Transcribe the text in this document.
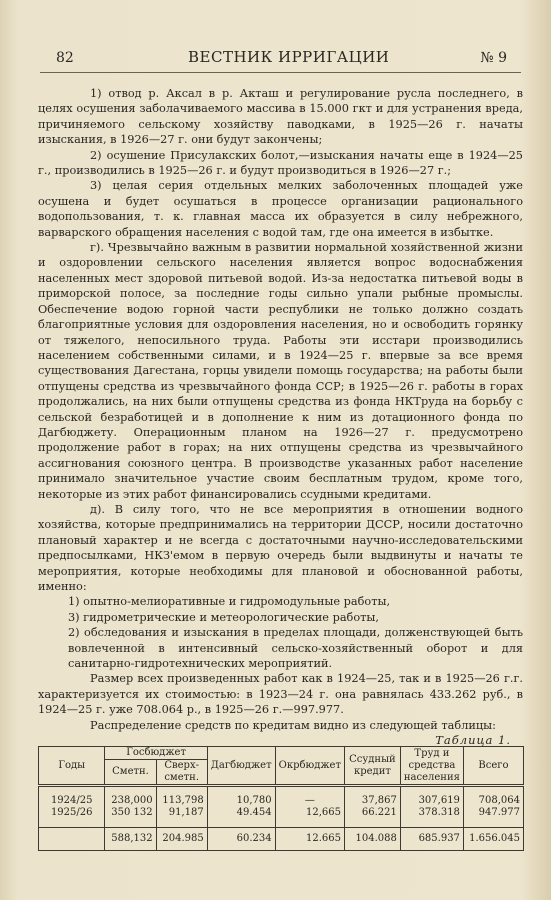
82	ВЕСТНИК ИРРИГАЦИИ	№ 9

1) отвод р. Аксал в р. Акташ и регулирование русла последнего, в целях осушения заболачиваемого массива в 15.000 гкт и для устранения вреда, причиняемого сельскому хозяйству паводками, в 1925—26 г. начаты изыскания, в 1926—27 г. они будут закончены;

2) осушение Присулакских болот,—изыскания начаты еще в 1924—25 г., производились в 1925—26 г. и будут производиться в 1926—27 г.;

3) целая серия отдельных мелких заболоченных площадей уже осушена и будет осушаться в процессе организации рационального водопользования, т. к. главная масса их образуется в силу небрежного, варварского обращения населения с водой там, где она имеется в избытке.

г). Чрезвычайно важным в развитии нормальной хозяйственной жизни и оздоровлении сельского населения является вопрос водоснабжения населенных мест здоровой питьевой водой. Из-за недостатка питьевой воды в приморской полосе, за последние годы сильно упали рыбные промыслы. Обеспечение водою горной части республики не только должно создать благоприятные условия для оздоровления населения, но и освободить горянку от тяжелого, непосильного труда. Работы эти исстари производились населением собственными силами, и в 1924—25 г. впервые за все время существования Дагестана, горцы увидели помощь государства; на работы были отпущены средства из чрезвычайного фонда ССР; в 1925—26 г. работы в горах продолжались, на них были отпущены средства из фонда НКТруда на борьбу с сельской безработицей и в дополнение к ним из дотационного фонда по Дагбюджету. Операционным планом на 1926—27 г. предусмотрено продолжение работ в горах; на них отпущены средства из чрезвычайного ассигнования союзного центра. В производстве указанных работ население принимало значительное участие своим бесплатным трудом, кроме того, некоторые из этих работ финансировались ссудными кредитами.

д). В силу того, что не все мероприятия в отношении водного хозяйства, которые предпринимались на территории ДССР, носили достаточно плановый характер и не всегда с достаточными научно-исследовательскими предпосылками, НКЗ'емом в первую очередь были выдвинуты и начаты те мероприятия, которые необходимы для плановой и обоснованной работы, именно:

1) опытно-мелиоративные и гидромодульные работы,

3) гидрометрические и метеорологические работы,

2) обследования и изыскания в пределах площади, долженствующей быть вовлеченной в интенсивный сельско-хозяйственный оборот и для санитарно-гидротехнических мероприятий.

Размер всех произведенных работ как в 1924—25, так и в 1925—26 г.г. характеризуется их стоимостью: в 1923—24 г. она равнялась 433.262 руб., в 1924—25 г. уже 708.064 р., в 1925—26 г.—997.977.

Распределение средств по кредитам видно из следующей таблицы:

Таблица 1.
Годы	Госбюджет		Дагбюджет	Окрбюджет	Ссудный кредит	Труд и средства населения	Всего
	Сметн.	Сверх-сметн.					
1924/25	238,000	113,798	10,780	—	37,867	307,619	708,064
1925/26	350 132	91,187	49.454	12,665	66.221	378.318	947.977
	588,132	204.985	60.234	12.665	104.088	685.937	1.656.045
